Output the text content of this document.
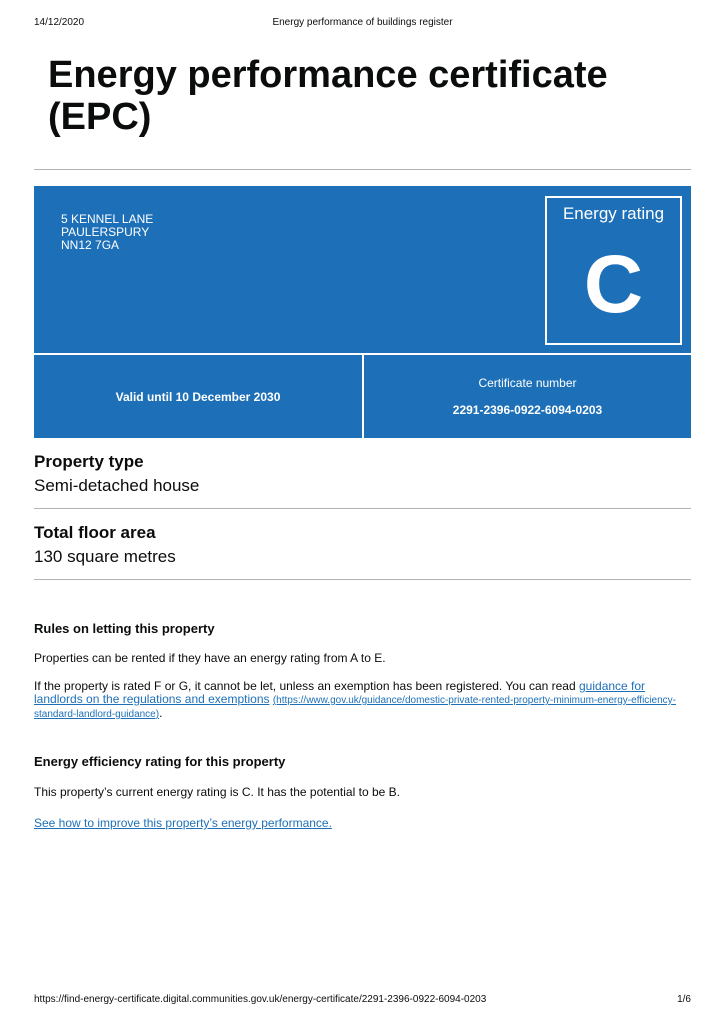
14/12/2020	Energy performance of buildings register
Energy performance certificate (EPC)
5 KENNEL LANE
PAULERSPURY
NN12 7GA
Energy rating
C
Valid until 10 December 2030
Certificate number
2291-2396-0922-6094-0203
Property type
Semi-detached house
Total floor area
130 square metres
Rules on letting this property
Properties can be rented if they have an energy rating from A to E.
If the property is rated F or G, it cannot be let, unless an exemption has been registered. You can read guidance for landlords on the regulations and exemptions (https://www.gov.uk/guidance/domestic-private-rented-property-minimum-energy-efficiency-standard-landlord-guidance).
Energy efficiency rating for this property
This property’s current energy rating is C. It has the potential to be B.
See how to improve this property’s energy performance.
https://find-energy-certificate.digital.communities.gov.uk/energy-certificate/2291-2396-0922-6094-0203	1/6
